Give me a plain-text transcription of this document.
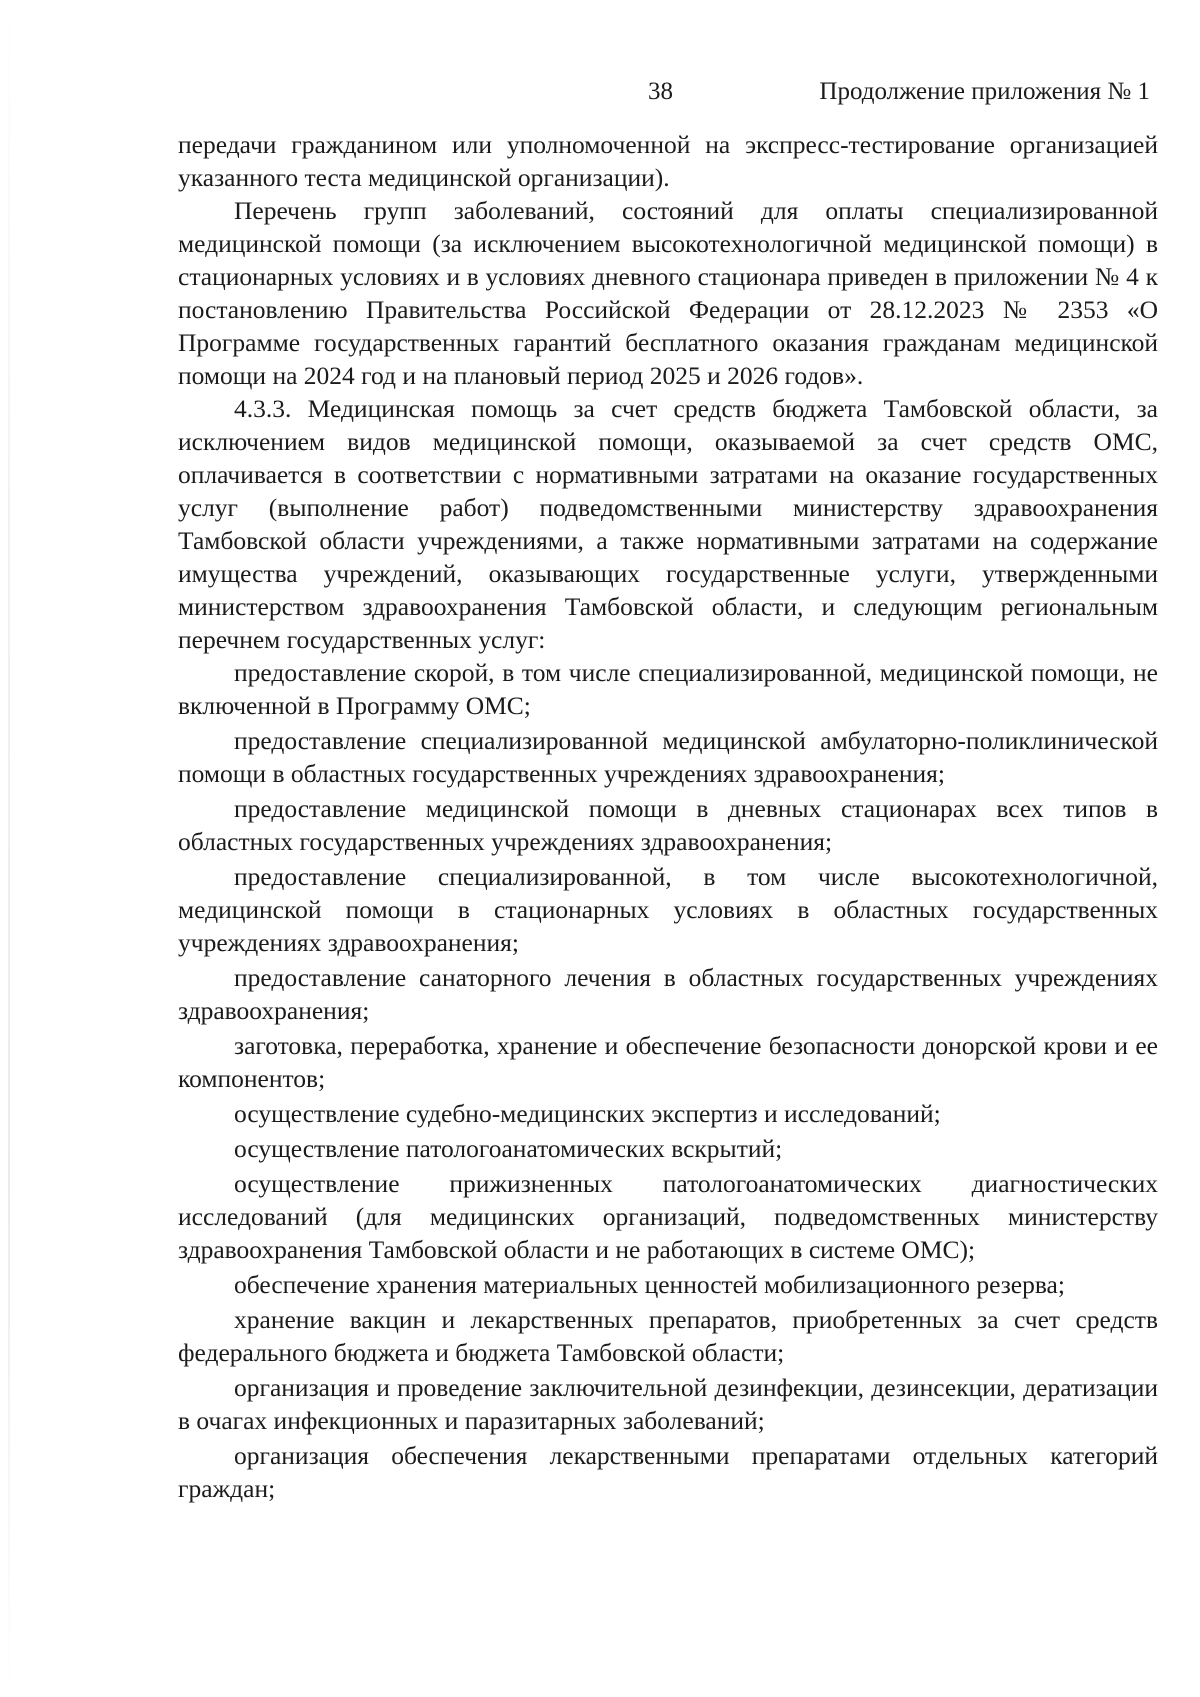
38	Продолжение приложения № 1

передачи гражданином или уполномоченной на экспресс-тестирование организацией указанного теста медицинской организации).

Перечень групп заболеваний, состояний для оплаты специализированной медицинской помощи (за исключением высокотехнологичной медицинской помощи) в стационарных условиях и в условиях дневного стационара приведен в приложении № 4 к постановлению Правительства Российской Федерации от 28.12.2023 № 2353 «О Программе государственных гарантий бесплатного оказания гражданам медицинской помощи на 2024 год и на плановый период 2025 и 2026 годов».

4.3.3. Медицинская помощь за счет средств бюджета Тамбовской области, за исключением видов медицинской помощи, оказываемой за счет средств ОМС, оплачивается в соответствии с нормативными затратами на оказание государственных услуг (выполнение работ) подведомственными министерству здравоохранения Тамбовской области учреждениями, а также нормативными затратами на содержание имущества учреждений, оказывающих государственные услуги, утвержденными министерством здравоохранения Тамбовской области, и следующим региональным перечнем государственных услуг:

предоставление скорой, в том числе специализированной, медицинской помощи, не включенной в Программу ОМС;

предоставление специализированной медицинской амбулаторно-поликлинической помощи в областных государственных учреждениях здравоохранения;

предоставление медицинской помощи в дневных стационарах всех типов в областных государственных учреждениях здравоохранения;

предоставление специализированной, в том числе высокотехнологичной, медицинской помощи в стационарных условиях в областных государственных учреждениях здравоохранения;

предоставление санаторного лечения в областных государственных учреждениях здравоохранения;

заготовка, переработка, хранение и обеспечение безопасности донорской крови и ее компонентов;

осуществление судебно-медицинских экспертиз и исследований;

осуществление патологоанатомических вскрытий;

осуществление прижизненных патологоанатомических диагностических исследований (для медицинских организаций, подведомственных министерству здравоохранения Тамбовской области и не работающих в системе ОМС);

обеспечение хранения материальных ценностей мобилизационного резерва;

хранение вакцин и лекарственных препаратов, приобретенных за счет средств федерального бюджета и бюджета Тамбовской области;

организация и проведение заключительной дезинфекции, дезинсекции, дератизации в очагах инфекционных и паразитарных заболеваний;

организация обеспечения лекарственными препаратами отдельных категорий граждан;
